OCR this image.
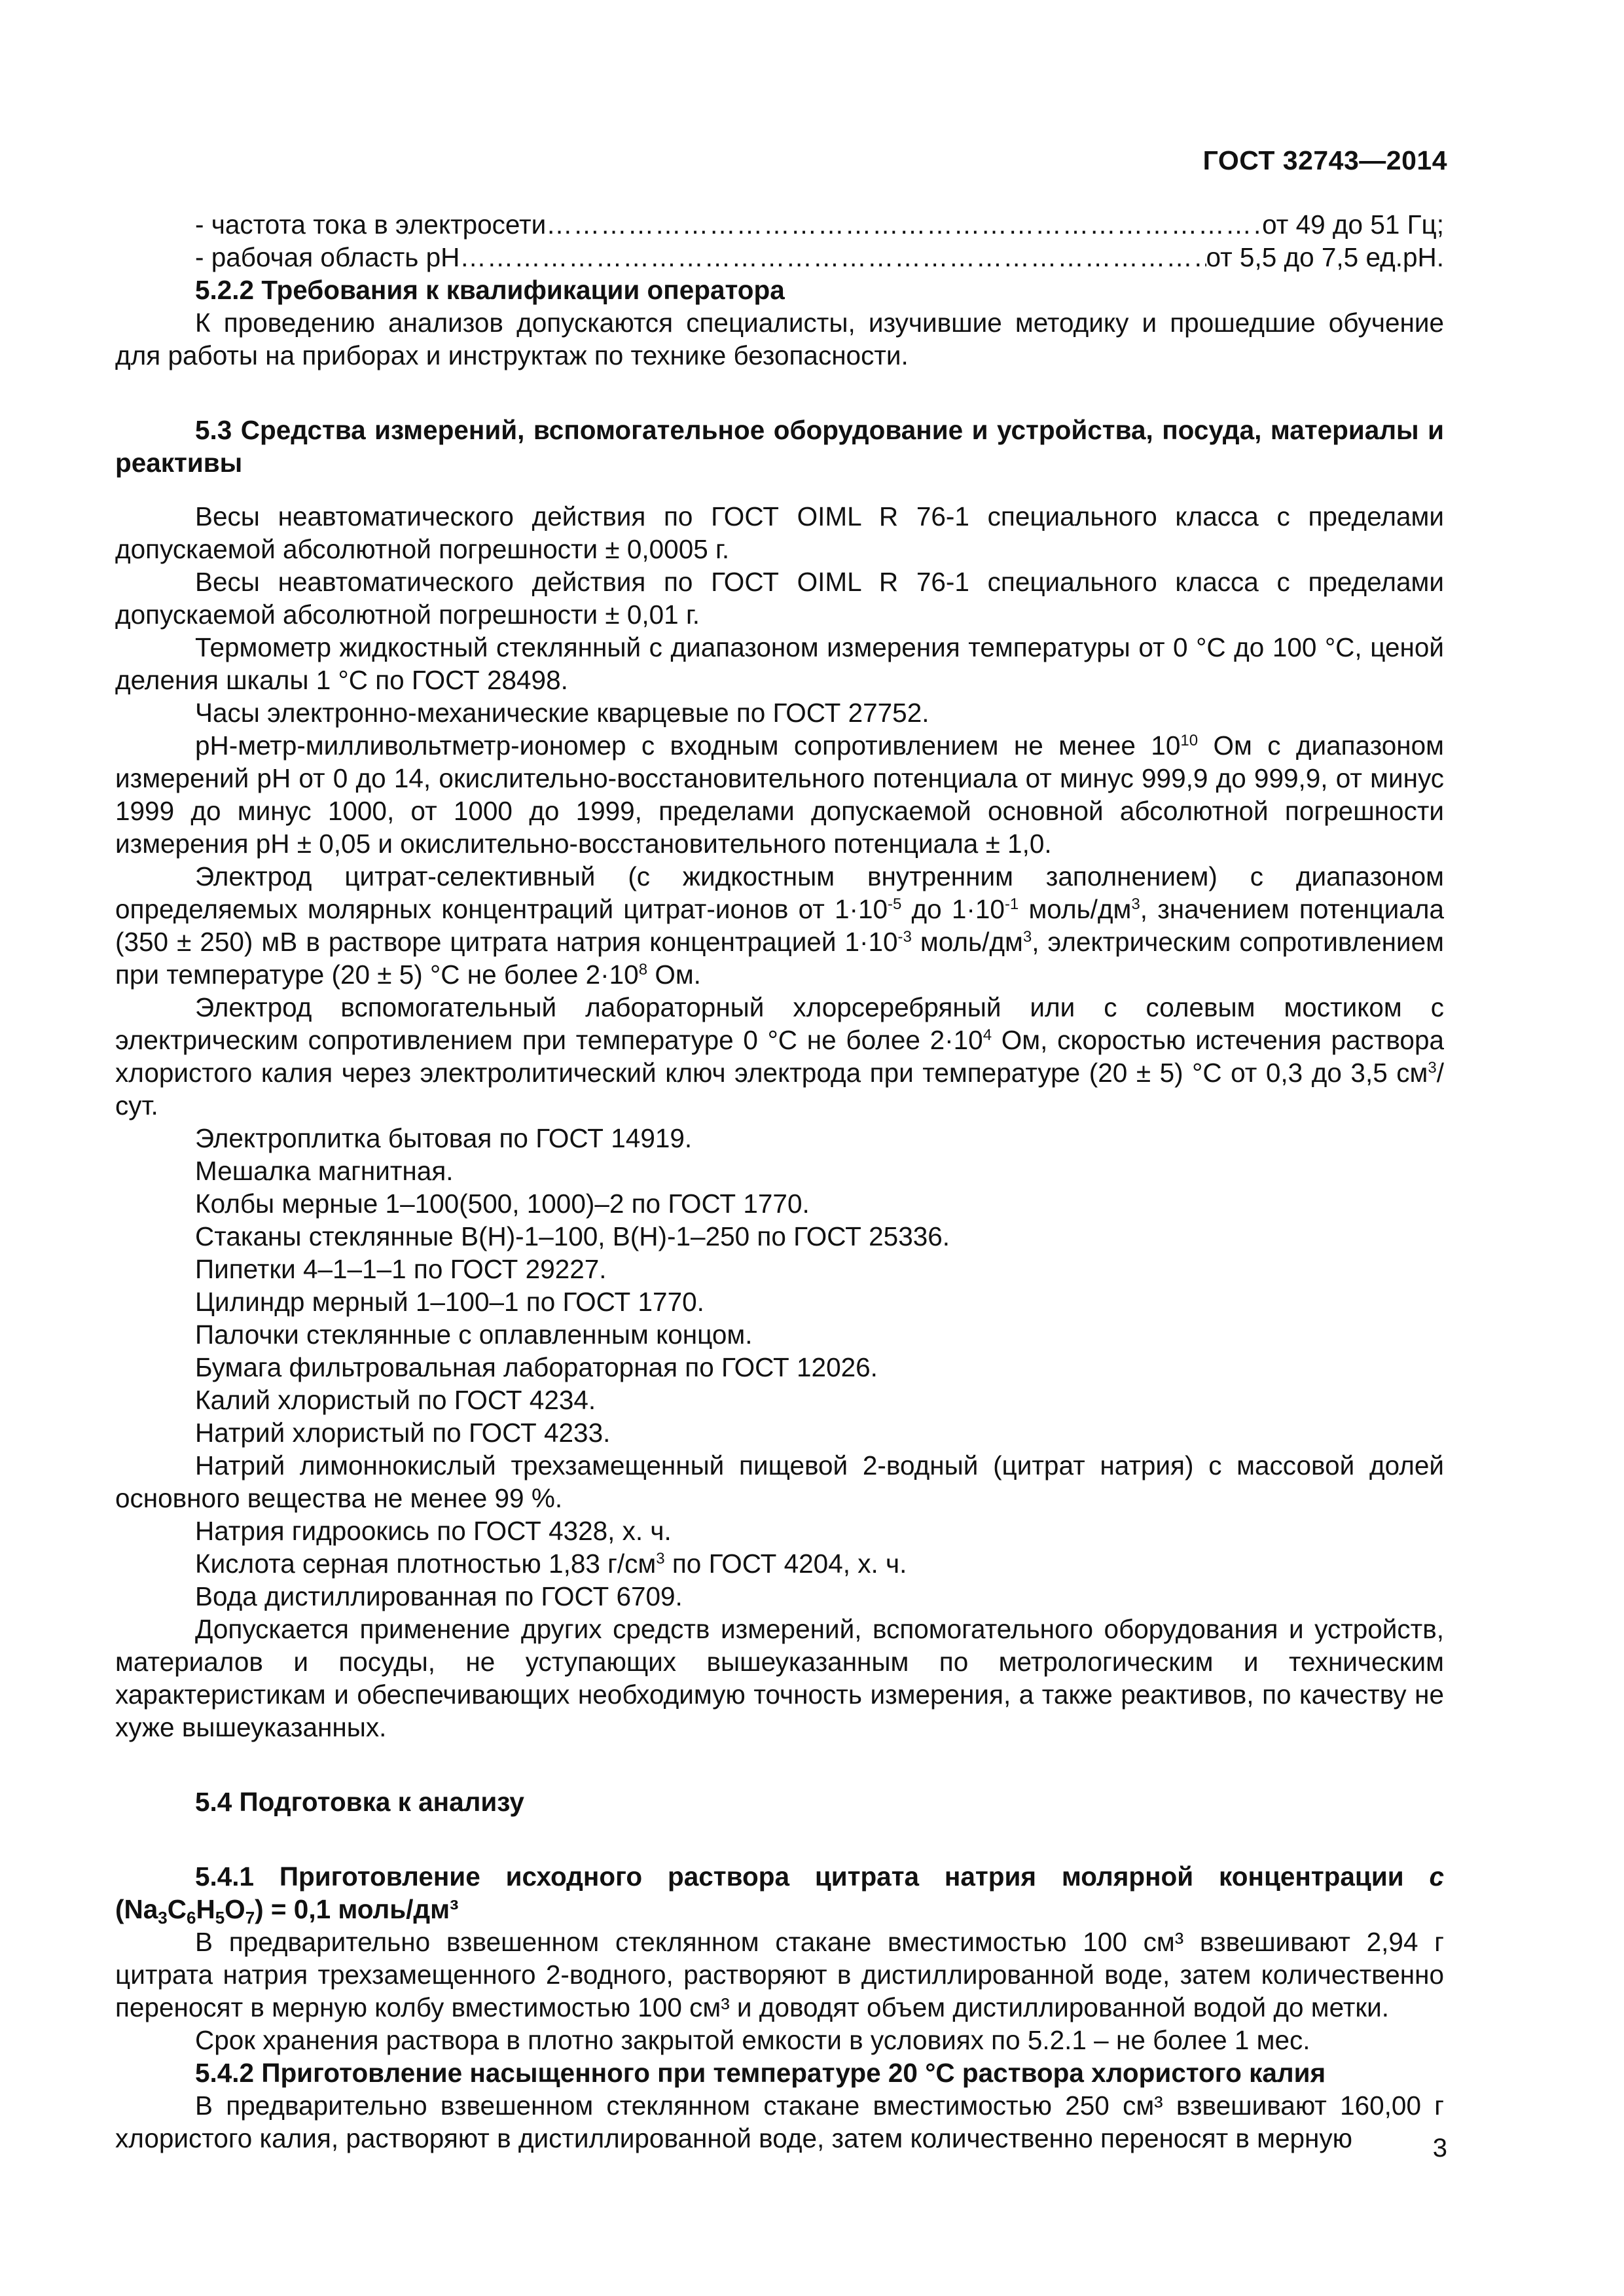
ГОСТ 32743—2014
- частота тока в электросети ……………………………………………………………………………………………………………………………………………………	от 49 до 51 Гц;
- рабочая область рН ……………………………………………………………………………………………………………………………………………………	от 5,5 до 7,5 ед.рН.

5.2.2 Требования к квалификации оператора

К проведению анализов допускаются специалисты, изучившие методику и прошедшие обучение для работы на приборах и инструктаж по технике безопасности.

5.3 Средства измерений, вспомогательное оборудование и устройства, посуда, материалы и реактивы

Весы неавтоматического действия по ГОСТ OIML R 76-1 специального класса с пределами допускаемой абсолютной погрешности ± 0,0005 г.

Весы неавтоматического действия по ГОСТ OIML R 76-1 специального класса с пределами допускаемой абсолютной погрешности ± 0,01 г.

Термометр жидкостный стеклянный с диапазоном измерения температуры от 0 °С до 100 °С, ценой деления шкалы 1 °С по ГОСТ 28498.

Часы электронно-механические кварцевые по ГОСТ 27752.

рН-метр-милливольтметр-иономер с входным сопротивлением не менее $10^{10}$ Ом с диапазоном измерений рН от 0 до 14, окислительно-восстановительного потенциала от минус 999,9 до 999,9, от минус 1999 до минус 1000, от 1000 до 1999, пределами допускаемой основной абсолютной погрешности измерения рН ± 0,05 и окислительно-восстановительного потенциала ± 1,0.

Электрод цитрат-селективный (с жидкостным внутренним заполнением) с диапазоном определяемых молярных концентраций цитрат-ионов от $1\cdot 10^{-5}$ до $1\cdot 10^{-1}$ моль/$дм^3$, значением потенциала (350 ± 250) мВ в растворе цитрата натрия концентрацией $1\cdot 10^{-3}$ моль/$дм^3$, электрическим сопротивлением при температуре (20 ± 5) °С не более $2\cdot 10^8$ Ом.

Электрод вспомогательный лабораторный хлорсеребряный или с солевым мостиком с электрическим сопротивлением при температуре 0 °С не более $2\cdot 10^4$ Ом, скоростью истечения раствора хлористого калия через электролитический ключ электрода при температуре (20 ± 5) °С от 0,3 до 3,5 $см^3$/сут.

Электроплитка бытовая по ГОСТ 14919.

Мешалка магнитная.

Колбы мерные 1–100(500, 1000)–2 по ГОСТ 1770.

Стаканы стеклянные В(Н)-1–100, В(Н)-1–250 по ГОСТ 25336.

Пипетки 4–1–1–1 по ГОСТ 29227.

Цилиндр мерный 1–100–1 по ГОСТ 1770.

Палочки стеклянные с оплавленным концом.

Бумага фильтровальная лабораторная по ГОСТ 12026.

Калий хлористый по ГОСТ 4234.

Натрий хлористый по ГОСТ 4233.

Натрий лимоннокислый трехзамещенный пищевой 2-водный (цитрат натрия) с массовой долей основного вещества не менее 99 %.

Натрия гидроокись по ГОСТ 4328, х. ч.

Кислота серная плотностью 1,83 $г/см^3$ по ГОСТ 4204, х. ч.

Вода дистиллированная по ГОСТ 6709.

Допускается применение других средств измерений, вспомогательного оборудования и устройств, материалов и посуды, не уступающих вышеуказанным по метрологическим и техническим характеристикам и обеспечивающих необходимую точность измерения, а также реактивов, по качеству не хуже вышеуказанных.

5.4 Подготовка к анализу

5.4.1 Приготовление исходного раствора цитрата натрия молярной концентрации с $(Na_3C_6H_5O_7) = 0,1$ моль/дм³

В предварительно взвешенном стеклянном стакане вместимостью 100 см³ взвешивают 2,94 г цитрата натрия трехзамещенного 2-водного, растворяют в дистиллированной воде, затем количественно переносят в мерную колбу вместимостью 100 см³ и доводят объем дистиллированной водой до метки.

Срок хранения раствора в плотно закрытой емкости в условиях по 5.2.1 – не более 1 мес.

5.4.2 Приготовление насыщенного при температуре 20 °С раствора хлористого калия

В предварительно взвешенном стеклянном стакане вместимостью 250 см³ взвешивают 160,00 г хлористого калия, растворяют в дистиллированной воде, затем количественно переносят в мерную	3
